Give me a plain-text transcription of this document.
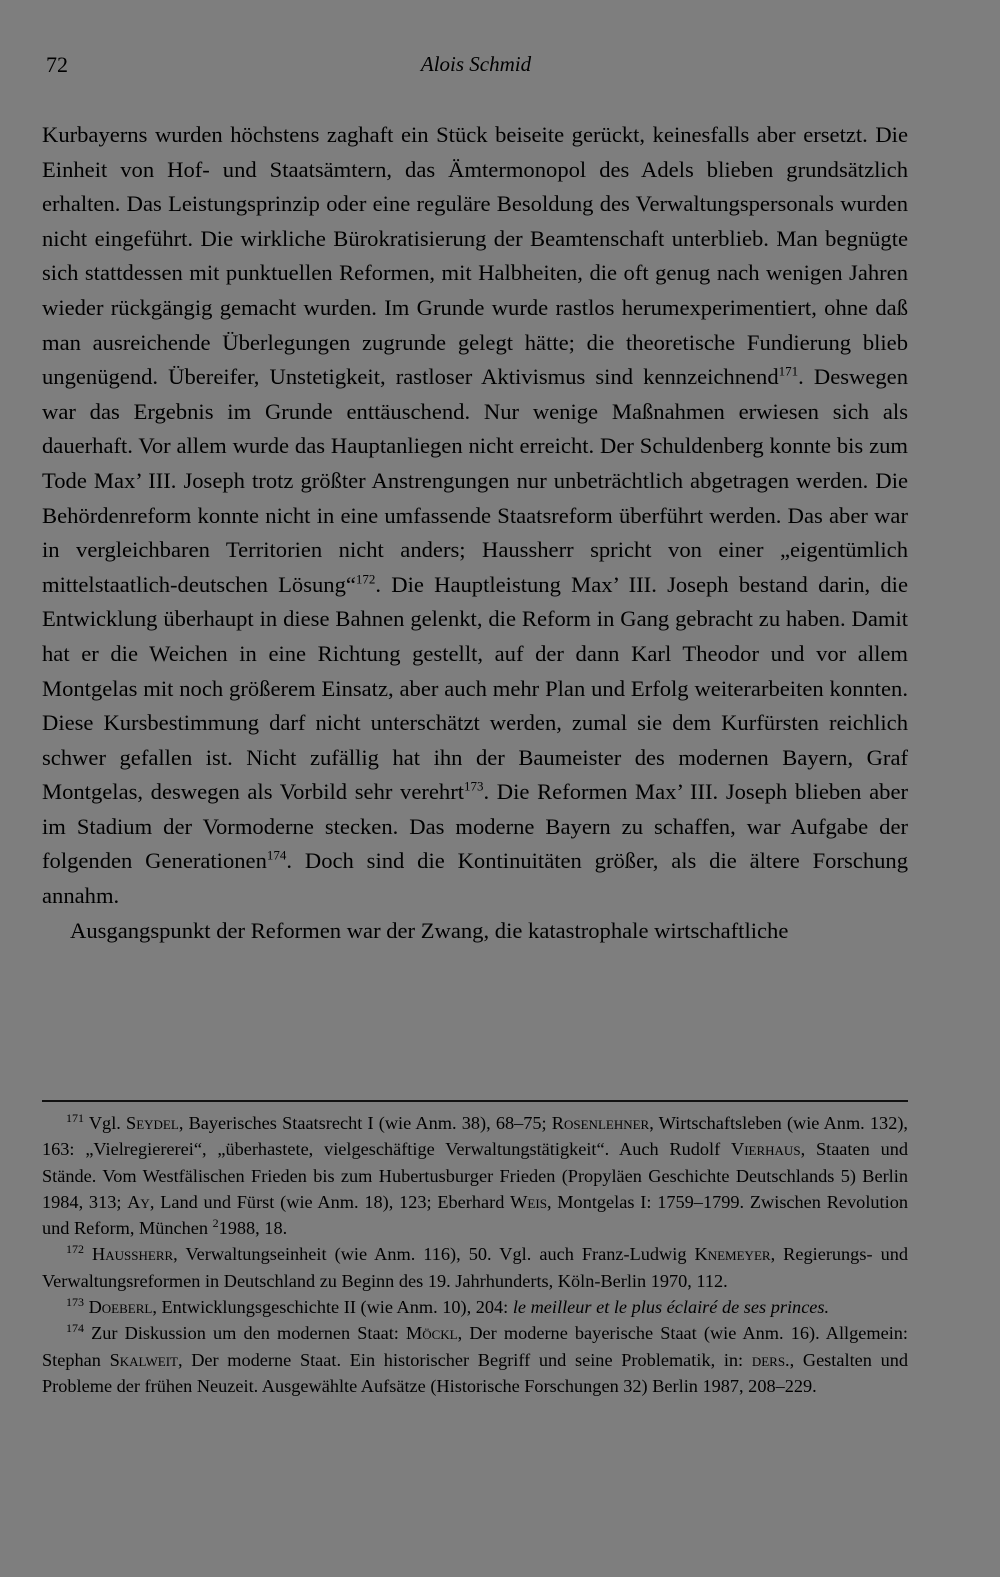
72	Alois Schmid

Kurbayerns wurden höchstens zaghaft ein Stück beiseite gerückt, keinesfalls aber ersetzt. Die Einheit von Hof- und Staatsämtern, das Ämtermonopol des Adels blieben grundsätzlich erhalten. Das Leistungsprinzip oder eine reguläre Besoldung des Verwaltungspersonals wurden nicht eingeführt. Die wirkliche Bürokratisierung der Beamtenschaft unterblieb. Man begnügte sich stattdessen mit punktuellen Reformen, mit Halbheiten, die oft genug nach wenigen Jahren wieder rückgängig gemacht wurden. Im Grunde wurde rastlos herumexperimentiert, ohne daß man ausreichende Überlegungen zugrunde gelegt hätte; die theoretische Fundierung blieb ungenügend. Übereifer, Unstetigkeit, rastloser Aktivismus sind kennzeichnend$^{171}$. Deswegen war das Ergebnis im Grunde enttäuschend. Nur wenige Maßnahmen erwiesen sich als dauerhaft. Vor allem wurde das Hauptanliegen nicht erreicht. Der Schuldenberg konnte bis zum Tode Max’ III. Joseph trotz größter Anstrengungen nur unbeträchtlich abgetragen werden. Die Behördenreform konnte nicht in eine umfassende Staatsreform überführt werden. Das aber war in vergleichbaren Territorien nicht anders; Haussherr spricht von einer „eigentümlich mittelstaatlich-deutschen Lösung“$^{172}$. Die Hauptleistung Max’ III. Joseph bestand darin, die Entwicklung überhaupt in diese Bahnen gelenkt, die Reform in Gang gebracht zu haben. Damit hat er die Weichen in eine Richtung gestellt, auf der dann Karl Theodor und vor allem Montgelas mit noch größerem Einsatz, aber auch mehr Plan und Erfolg weiterarbeiten konnten. Diese Kursbestimmung darf nicht unterschätzt werden, zumal sie dem Kurfürsten reichlich schwer gefallen ist. Nicht zufällig hat ihn der Baumeister des modernen Bayern, Graf Montgelas, deswegen als Vorbild sehr verehrt$^{173}$. Die Reformen Max’ III. Joseph blieben aber im Stadium der Vormoderne stecken. Das moderne Bayern zu schaffen, war Aufgabe der folgenden Generationen$^{174}$. Doch sind die Kontinuitäten größer, als die ältere Forschung annahm.

Ausgangspunkt der Reformen war der Zwang, die katastrophale wirtschaftliche

$^{171}$ Vgl. Seydel, Bayerisches Staatsrecht I (wie Anm. 38), 68–75; Rosenlehner, Wirtschaftsleben (wie Anm. 132), 163: „Vielregiererei“, „überhastete, vielgeschäftige Verwaltungstätigkeit“. Auch Rudolf Vierhaus, Staaten und Stände. Vom Westfälischen Frieden bis zum Hubertusburger Frieden (Propyläen Geschichte Deutschlands 5) Berlin 1984, 313; Ay, Land und Fürst (wie Anm. 18), 123; Eberhard Weis, Montgelas I: 1759–1799. Zwischen Revolution und Reform, München $^2$1988, 18.

$^{172}$ Haussherr, Verwaltungseinheit (wie Anm. 116), 50. Vgl. auch Franz-Ludwig Knemeyer, Regierungs- und Verwaltungsreformen in Deutschland zu Beginn des 19. Jahrhunderts, Köln-Berlin 1970, 112.

$^{173}$ Doeberl, Entwicklungsgeschichte II (wie Anm. 10), 204: le meilleur et le plus éclairé de ses princes.

$^{174}$ Zur Diskussion um den modernen Staat: Möckl, Der moderne bayerische Staat (wie Anm. 16). Allgemein: Stephan Skalweit, Der moderne Staat. Ein historischer Begriff und seine Problematik, in: ders., Gestalten und Probleme der frühen Neuzeit. Ausgewählte Aufsätze (Historische Forschungen 32) Berlin 1987, 208–229.
